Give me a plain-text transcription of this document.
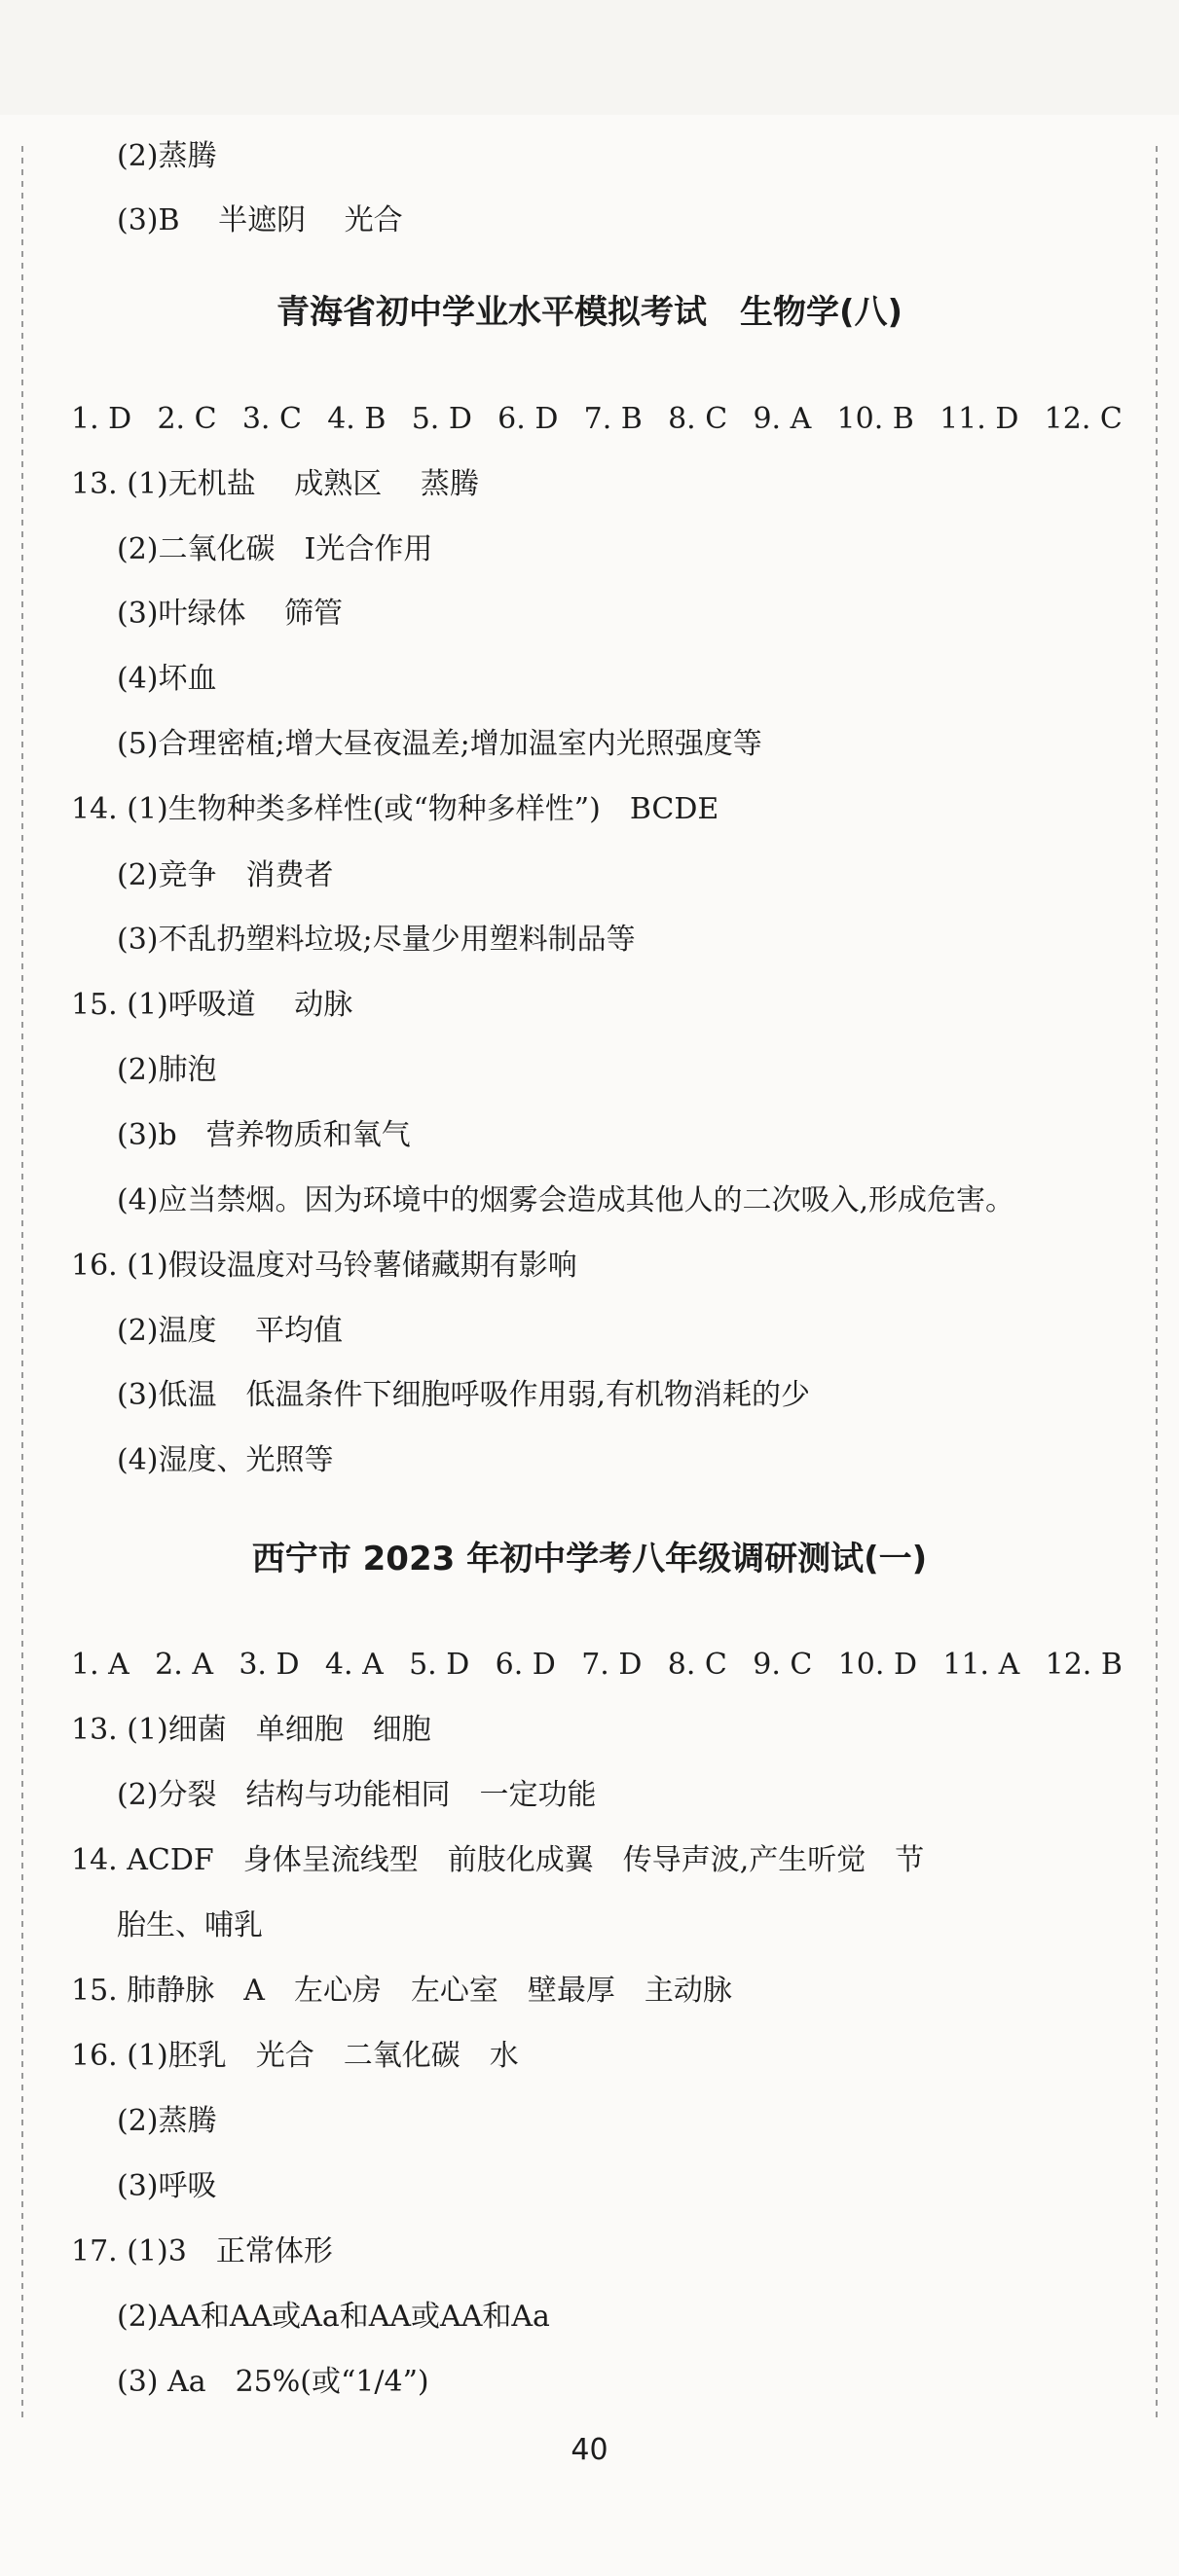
(2)蒸腾
(3)B　 半遮阴　 光合
青海省初中学业水平模拟考试　生物学(八)
1. D 2. C 3. C 4. B 5. D 6. D 7. B 8. C 9. A 10. B 11. D 12. C
13. (1)无机盐　 成熟区　 蒸腾
(2)二氧化碳　Ⅰ光合作用
(3)叶绿体　 筛管
(4)坏血
(5)合理密植;增大昼夜温差;增加温室内光照强度等
14. (1)生物种类多样性(或“物种多样性”)　BCDE
(2)竞争　消费者
(3)不乱扔塑料垃圾;尽量少用塑料制品等
15. (1)呼吸道　 动脉
(2)肺泡
(3)b　营养物质和氧气
(4)应当禁烟。因为环境中的烟雾会造成其他人的二次吸入,形成危害。
16. (1)假设温度对马铃薯储藏期有影响
(2)温度　 平均值
(3)低温　低温条件下细胞呼吸作用弱,有机物消耗的少
(4)湿度、光照等
西宁市 2023 年初中学考八年级调研测试(一)
1. A 2. A 3. D 4. A 5. D 6. D 7. D 8. C 9. C 10. D 11. A 12. B
13. (1)细菌　单细胞　细胞
(2)分裂　结构与功能相同　一定功能
14. ACDF　身体呈流线型　前肢化成翼　传导声波,产生听觉　节
胎生、哺乳
15. 肺静脉　A　左心房　左心室　壁最厚　主动脉
16. (1)胚乳　光合　二氧化碳　水
(2)蒸腾
(3)呼吸
17. (1)3　正常体形
(2)AA和AA或Aa和AA或AA和Aa
(3) Aa　25%(或“1/4”)
40
